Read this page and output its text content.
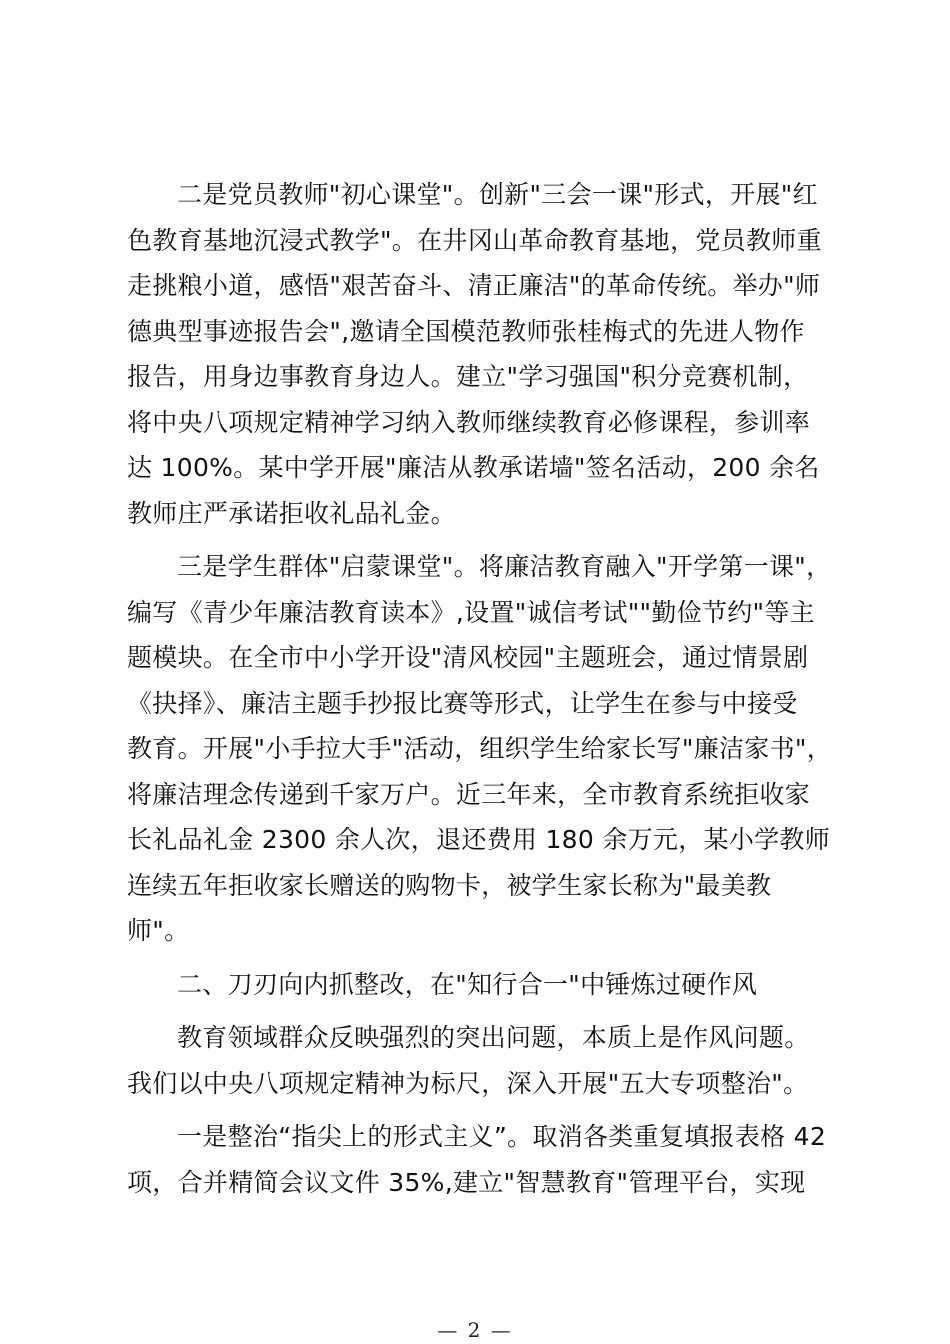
二是党员教师"初心课堂"。创新"三会一课"形式，开展"红
色教育基地沉浸式教学"。在井冈山革命教育基地，党员教师重
走挑粮小道，感悟"艰苦奋斗、清正廉洁"的革命传统。举办"师
德典型事迹报告会",邀请全国模范教师张桂梅式的先进人物作
报告，用身边事教育身边人。建立"学习强国"积分竞赛机制，
将中央八项规定精神学习纳入教师继续教育必修课程，参训率
达 100%。某中学开展"廉洁从教承诺墙"签名活动，200 余名
教师庄严承诺拒收礼品礼金。
三是学生群体"启蒙课堂"。将廉洁教育融入"开学第一课"，
编写《青少年廉洁教育读本》,设置"诚信考试""勤俭节约"等主
题模块。在全市中小学开设"清风校园"主题班会，通过情景剧
《抉择》、廉洁主题手抄报比赛等形式，让学生在参与中接受
教育。开展"小手拉大手"活动，组织学生给家长写"廉洁家书"，
将廉洁理念传递到千家万户。近三年来，全市教育系统拒收家
长礼品礼金 2300 余人次，退还费用 180 余万元，某小学教师
连续五年拒收家长赠送的购物卡，被学生家长称为"最美教
师"。
二、刀刃向内抓整改，在"知行合一"中锤炼过硬作风
教育领域群众反映强烈的突出问题，本质上是作风问题。
我们以中央八项规定精神为标尺，深入开展"五大专项整治"。
一是整治“指尖上的形式主义”。取消各类重复填报表格 42
项，合并精简会议文件 35%,建立"智慧教育"管理平台，实现
— 2 —
